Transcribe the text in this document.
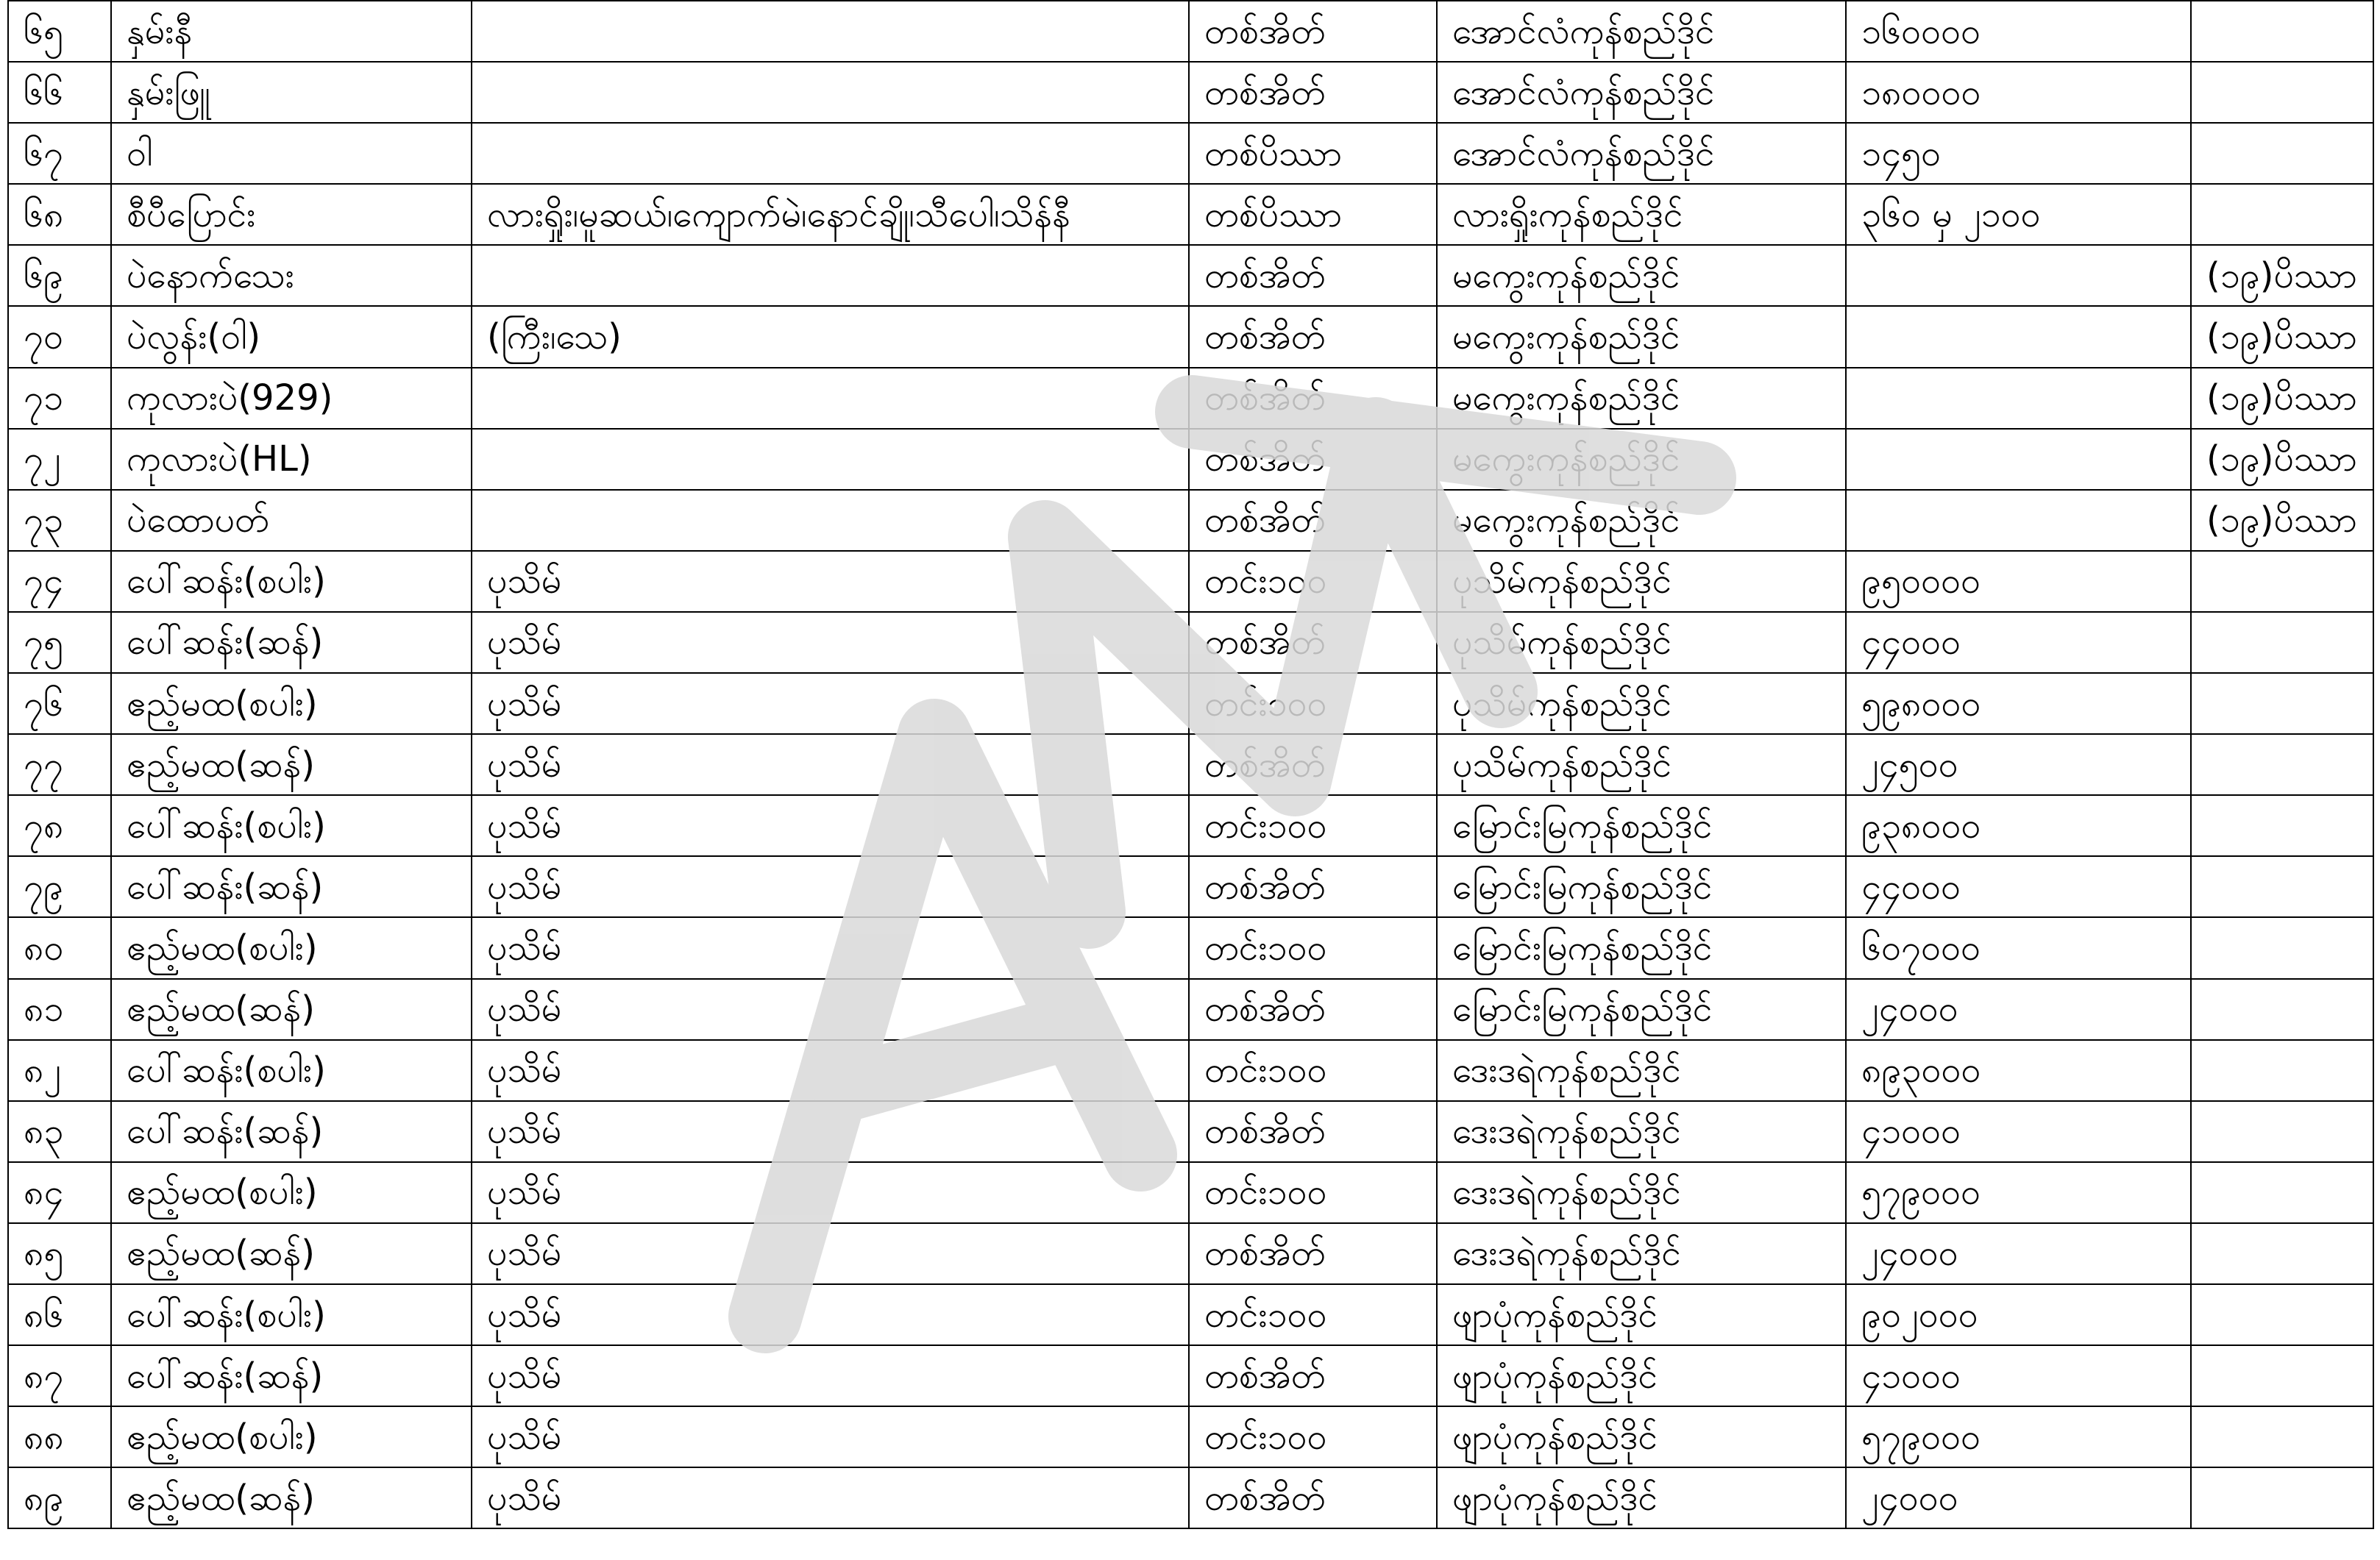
၆၅	နှမ်းနီ		တစ်အိတ်	အောင်လံကုန်စည်ဒိုင်	၁၆၀၀၀၀	
၆၆	နှမ်းဖြူ		တစ်အိတ်	အောင်လံကုန်စည်ဒိုင်	၁၈၀၀၀၀	
၆၇	ဝါ		တစ်ပိဿာ	အောင်လံကုန်စည်ဒိုင်	၁၄၅၀	
၆၈	စီပီပြောင်း	လားရှိုး၊မူဆယ်၊ကျောက်မဲ၊နောင်ချို၊သီပေါ၊သိန်နီ	တစ်ပိဿာ	လားရှိုးကုန်စည်ဒိုင်	၃၆၀ မှ ၂၁၀၀	
၆၉	ပဲနောက်သေး		တစ်အိတ်	မကွေးကုန်စည်ဒိုင်		(၁၉)ပိဿာ
၇၀	ပဲလွန်း(ဝါ)	(ကြီး၊သေ)	တစ်အိတ်	မကွေးကုန်စည်ဒိုင်		(၁၉)ပိဿာ
၇၁	ကုလားပဲ(929)		တစ်အိတ်	မကွေးကုန်စည်ဒိုင်		(၁၉)ပိဿာ
၇၂	ကုလားပဲ(HL)		တစ်အိတ်	မကွေးကုန်စည်ဒိုင်		(၁၉)ပိဿာ
၇၃	ပဲထောပတ်		တစ်အိတ်	မကွေးကုန်စည်ဒိုင်		(၁၉)ပိဿာ
၇၄	ပေါ်ဆန်း(စပါး)	ပုသိမ်	တင်း၁၀၀	ပုသိမ်ကုန်စည်ဒိုင်	၉၅၀၀၀၀	
၇၅	ပေါ်ဆန်း(ဆန်)	ပုသိမ်	တစ်အိတ်	ပုသိမ်ကုန်စည်ဒိုင်	၄၄၀၀၀	
၇၆	ဧည့်မထ(စပါး)	ပုသိမ်	တင်း၁၀၀	ပုသိမ်ကုန်စည်ဒိုင်	၅၉၈၀၀၀	
၇၇	ဧည့်မထ(ဆန်)	ပုသိမ်	တစ်အိတ်	ပုသိမ်ကုန်စည်ဒိုင်	၂၄၅၀၀	
၇၈	ပေါ်ဆန်း(စပါး)	ပုသိမ်	တင်း၁၀၀	မြောင်းမြကုန်စည်ဒိုင်	၉၃၈၀၀၀	
၇၉	ပေါ်ဆန်း(ဆန်)	ပုသိမ်	တစ်အိတ်	မြောင်းမြကုန်စည်ဒိုင်	၄၄၀၀၀	
၈၀	ဧည့်မထ(စပါး)	ပုသိမ်	တင်း၁၀၀	မြောင်းမြကုန်စည်ဒိုင်	၆၀၇၀၀၀	
၈၁	ဧည့်မထ(ဆန်)	ပုသိမ်	တစ်အိတ်	မြောင်းမြကုန်စည်ဒိုင်	၂၄၀၀၀	
၈၂	ပေါ်ဆန်း(စပါး)	ပုသိမ်	တင်း၁၀၀	ဒေးဒရဲကုန်စည်ဒိုင်	၈၉၃၀၀၀	
၈၃	ပေါ်ဆန်း(ဆန်)	ပုသိမ်	တစ်အိတ်	ဒေးဒရဲကုန်စည်ဒိုင်	၄၁၀၀၀	
၈၄	ဧည့်မထ(စပါး)	ပုသိမ်	တင်း၁၀၀	ဒေးဒရဲကုန်စည်ဒိုင်	၅၇၉၀၀၀	
၈၅	ဧည့်မထ(ဆန်)	ပုသိမ်	တစ်အိတ်	ဒေးဒရဲကုန်စည်ဒိုင်	၂၄၀၀၀	
၈၆	ပေါ်ဆန်း(စပါး)	ပုသိမ်	တင်း၁၀၀	ဖျာပုံကုန်စည်ဒိုင်	၉၀၂၀၀၀	
၈၇	ပေါ်ဆန်း(ဆန်)	ပုသိမ်	တစ်အိတ်	ဖျာပုံကုန်စည်ဒိုင်	၄၁၀၀၀	
၈၈	ဧည့်မထ(စပါး)	ပုသိမ်	တင်း၁၀၀	ဖျာပုံကုန်စည်ဒိုင်	၅၇၉၀၀၀	
၈၉	ဧည့်မထ(ဆန်)	ပုသိမ်	တစ်အိတ်	ဖျာပုံကုန်စည်ဒိုင်	၂၄၀၀၀	
